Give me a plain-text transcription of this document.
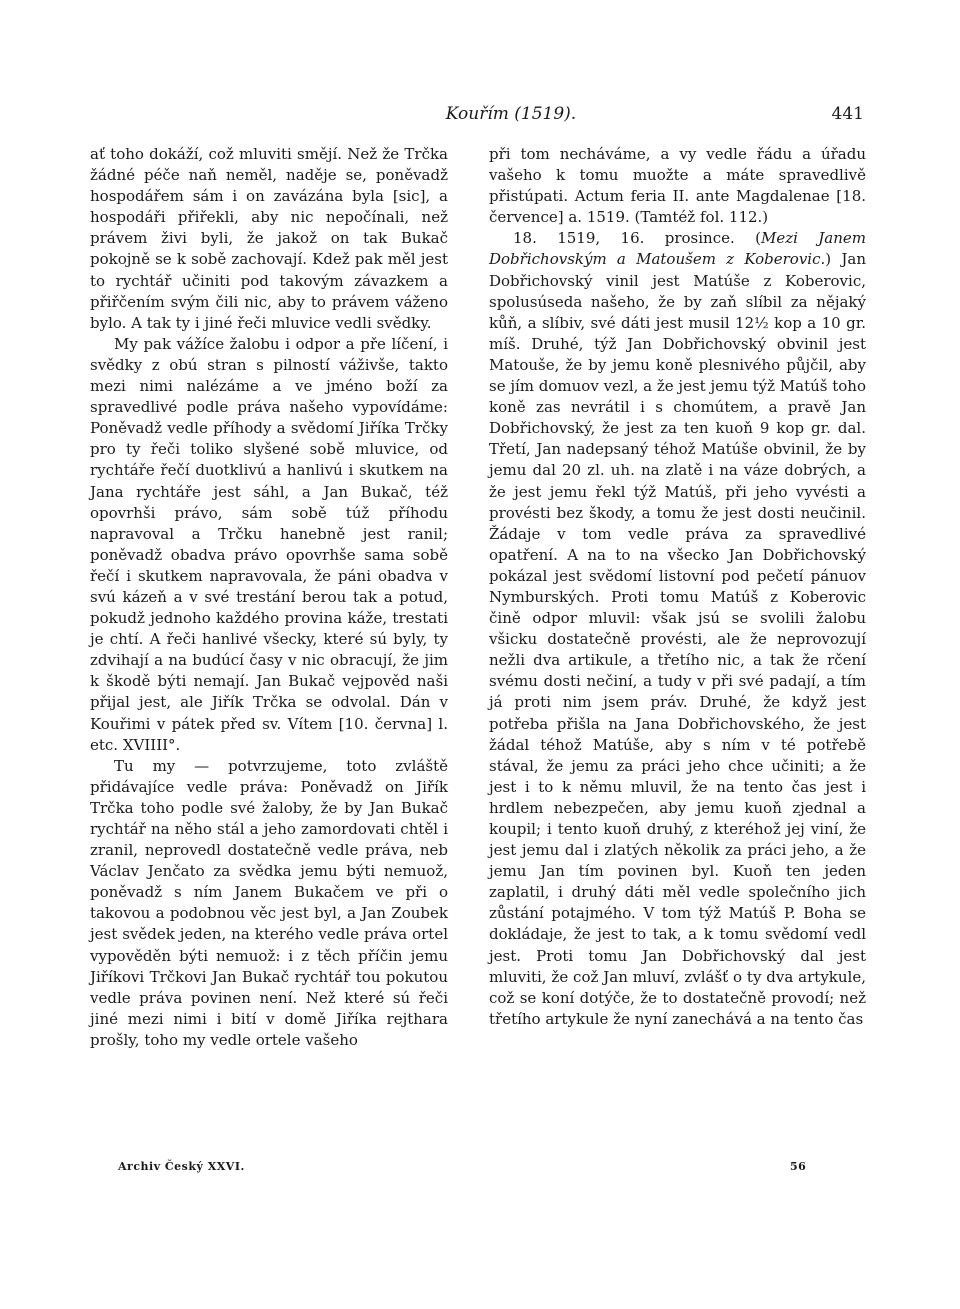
Kouřím (1519).	441

ať toho dokáží, což mluviti smějí. Než že Trčka žádné péče naň neměl, naděje se, poněvadž hospodářem sám i on zavázána byla [sic], a hospodáři přiřekli, aby nic nepočínali, než právem živi byli, že jakož on tak Bukač pokojně se k sobě zachovají. Kdež pak měl jest to rychtář učiniti pod takovým závazkem a přiřčením svým čili nic, aby to právem váženo bylo. A tak ty i jiné řeči mluvice vedli svědky.

My pak vážíce žalobu i odpor a pře líčení, i svědky z obú stran s pilností váživše, takto mezi nimi nalézáme a ve jméno boží za spravedlivé podle práva našeho vypovídáme: Poněvadž vedle příhody a svědomí Jiříka Trčky pro ty řeči toliko slyšené sobě mluvice, od rychtáře řečí duotklivú a hanlivú i skutkem na Jana rychtáře jest sáhl, a Jan Bukač, též opovrhši právo, sám sobě túž příhodu napravoval a Trčku hanebně jest ranil; poněvadž obadva právo opovrhše sama sobě řečí i skutkem napravovala, že páni obadva v svú kázeň a v své trestání berou tak a potud, pokudž jednoho každého provina káže, trestati je chtí. A řeči hanlivé všecky, které sú byly, ty zdvihají a na budúcí časy v nic obracují, že jim k škodě býti nemají. Jan Bukač vejpověd naši přijal jest, ale Jiřík Trčka se odvolal. Dán v Kouřimi v pátek před sv. Vítem [10. června] l. etc. XVIIII°.

Tu my — potvrzujeme, toto zvláště přidávajíce vedle práva: Poněvadž on Jiřík Trčka toho podle své žaloby, že by Jan Bukač rychtář na něho stál a jeho zamordovati chtěl i zranil, neprovedl dostatečně vedle práva, neb Václav Jenčato za svědka jemu býti nemuož, poněvadž s ním Janem Bukačem ve při o takovou a podobnou věc jest byl, a Jan Zoubek jest svědek jeden, na kterého vedle práva ortel vypověděn býti nemuož: i z těch příčin jemu Jiříkovi Trčkovi Jan Bukač rychtář tou pokutou vedle práva povinen není. Než které sú řeči jiné mezi nimi i bití v domě Jiříka rejthara prošly, toho my vedle ortele vašeho

při tom necháváme, a vy vedle řádu a úřadu vašeho k tomu muožte a máte spravedlivě přistúpati. Actum feria II. ante Magdalenae [18. července] a. 1519. (Tamtéž fol. 112.)

18. 1519, 16. prosince. (Mezi Janem Dobřichovským a Matoušem z Koberovic.) Jan Dobřichovský vinil jest Matúše z Koberovic, spolusúseda našeho, že by zaň slíbil za nějaký kůň, a slíbiv, své dáti jest musil 12½ kop a 10 gr. míš. Druhé, týž Jan Dobřichovský obvinil jest Matouše, že by jemu koně plesnivého půjčil, aby se jím domuov vezl, a že jest jemu týž Matúš toho koně zas nevrátil i s chomútem, a pravě Jan Dobřichovský, že jest za ten kuoň 9 kop gr. dal. Třetí, Jan nadepsaný téhož Matúše obvinil, že by jemu dal 20 zl. uh. na zlatě i na váze dobrých, a že jest jemu řekl týž Matúš, při jeho vyvésti a provésti bez škody, a tomu že jest dosti neučinil. Žádaje v tom vedle práva za spravedlivé opatření. A na to na všecko Jan Dobřichovský pokázal jest svědomí listovní pod pečetí pánuov Nymburských. Proti tomu Matúš z Koberovic čině odpor mluvil: však jsú se svolili žalobu všicku dostatečně provésti, ale že neprovozují nežli dva artikule, a třetího nic, a tak že rčení svému dosti nečiní, a tudy v při své padají, a tím já proti nim jsem práv. Druhé, že když jest potřeba přišla na Jana Dobřichovského, že jest žádal téhož Matúše, aby s ním v té potřebě stával, že jemu za práci jeho chce učiniti; a že jest i to k němu mluvil, že na tento čas jest i hrdlem nebezpečen, aby jemu kuoň zjednal a koupil; i tento kuoň druhý, z kteréhož jej viní, že jest jemu dal i zlatých několik za práci jeho, a že jemu Jan tím povinen byl. Kuoň ten jeden zaplatil, i druhý dáti měl vedle společního jich zůstání potajmého. V tom týž Matúš P. Boha se dokládaje, že jest to tak, a k tomu svědomí vedl jest. Proti tomu Jan Dobřichovský dal jest mluviti, že což Jan mluví, zvlášť o ty dva artykule, což se koní dotýče, že to dostatečně provodí; než třetího artykule že nyní zanechává a na tento čas

Archiv Český XXVI.	56
